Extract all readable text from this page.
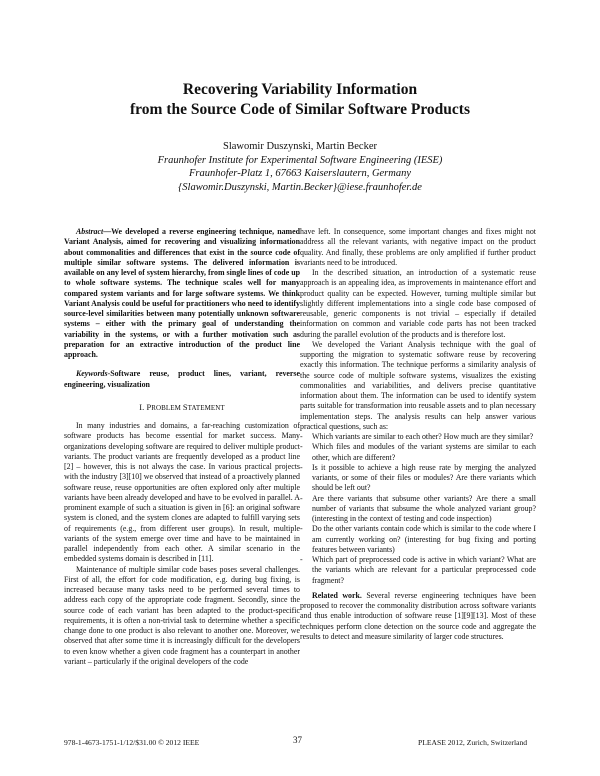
Recovering Variability Information
from the Source Code of Similar Software Products
Slawomir Duszynski, Martin Becker
Fraunhofer Institute for Experimental Software Engineering (IESE)
Fraunhofer-Platz 1, 67663 Kaiserslautern, Germany
{Slawomir.Duszynski, Martin.Becker}@iese.fraunhofer.de

Abstract—We developed a reverse engineering technique, named Variant Analysis, aimed for recovering and visualizing information about commonalities and differences that exist in the source code of multiple similar software systems. The delivered information is available on any level of system hierarchy, from single lines of code up to whole software systems. The technique scales well for many compared system variants and for large software systems. We think Variant Analysis could be useful for practitioners who need to identify source-level similarities between many potentially unknown software systems – either with the primary goal of understanding the variability in the systems, or with a further motivation such as preparation for an extractive introduction of the product line approach.

Keywords-Software reuse, product lines, variant, reverse engineering, visualization

I. PROBLEM STATEMENT

In many industries and domains, a far-reaching customization of software products has become essential for market success. Many organizations developing software are required to deliver multiple product variants. The product variants are frequently developed as a product line [2] – however, this is not always the case. In various practical projects with the industry [3][10] we observed that instead of a proactively planned software reuse, reuse opportunities are often explored only after multiple variants have been already developed and have to be evolved in parallel. A prominent example of such a situation is given in [6]: an original software system is cloned, and the system clones are adapted to fulfill varying sets of requirements (e.g., from different user groups). In result, multiple variants of the system emerge over time and have to be maintained in parallel independently from each other. A similar scenario in the embedded systems domain is described in [11].

Maintenance of multiple similar code bases poses several challenges. First of all, the effort for code modification, e.g. during bug fixing, is increased because many tasks need to be performed several times to address each copy of the appropriate code fragment. Secondly, since the source code of each variant has been adapted to the product-specific requirements, it is often a non-trivial task to determine whether a specific change done to one product is also relevant to another one. Moreover, we observed that after some time it is increasingly difficult for the developers to even know whether a given code fragment has a counterpart in another variant – particularly if the original developers of the code

have left. In consequence, some important changes and fixes might not address all the relevant variants, with negative impact on the product quality. And finally, these problems are only amplified if further product variants need to be introduced.

In the described situation, an introduction of a systematic reuse approach is an appealing idea, as improvements in maintenance effort and product quality can be expected. However, turning multiple similar but slightly different implementations into a single code base composed of reusable, generic components is not trivial – especially if detailed information on common and variable code parts has not been tracked during the parallel evolution of the products and is therefore lost.

We developed the Variant Analysis technique with the goal of supporting the migration to systematic software reuse by recovering exactly this information. The technique performs a similarity analysis of the source code of multiple software systems, visualizes the existing commonalities and variabilities, and delivers precise quantitative information about them. The information can be used to identify system parts suitable for transformation into reusable assets and to plan necessary implementation steps. The analysis results can help answer various practical questions, such as:

- Which variants are similar to each other? How much are they similar?
- Which files and modules of the variant systems are similar to each other, which are different?
- Is it possible to achieve a high reuse rate by merging the analyzed variants, or some of their files or modules? Are there variants which should be left out?
- Are there variants that subsume other variants? Are there a small number of variants that subsume the whole analyzed variant group? (interesting in the context of testing and code inspection)
- Do the other variants contain code which is similar to the code where I am currently working on? (interesting for bug fixing and porting features between variants)
- Which part of preprocessed code is active in which variant? What are the variants which are relevant for a particular preprocessed code fragment?

Related work. Several reverse engineering techniques have been proposed to recover the commonality distribution across software variants and thus enable introduction of software reuse [1][9][13]. Most of these techniques perform clone detection on the source code and aggregate the results to detect and measure similarity of larger code structures.

978-1-4673-1751-1/12/$31.00 © 2012 IEEE	37	PLEASE 2012, Zurich, Switzerland
